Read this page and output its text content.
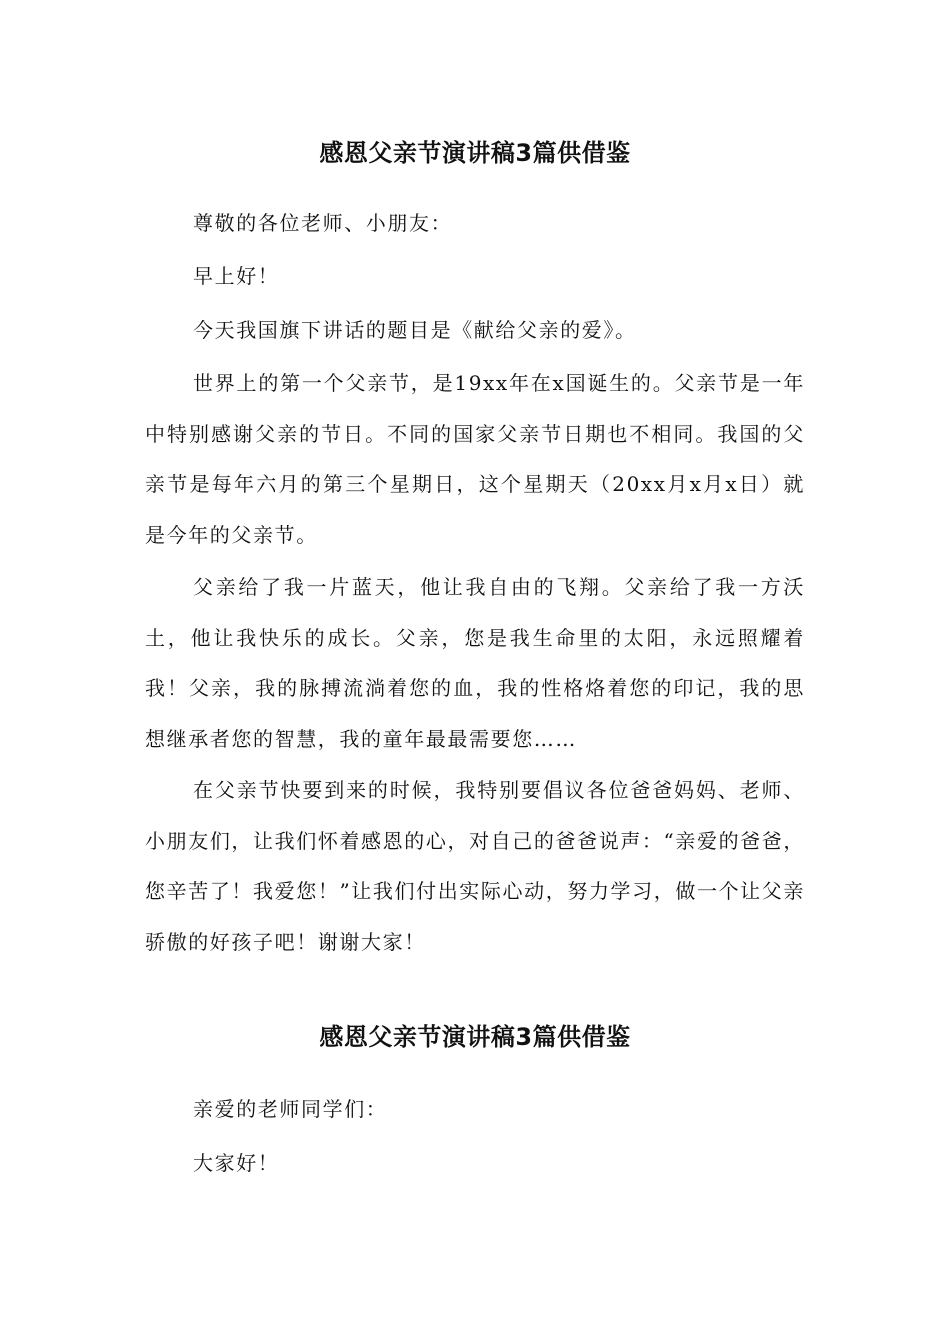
感恩父亲节演讲稿3篇供借鉴

尊敬的各位老师、小朋友：

早上好！

今天我国旗下讲话的题目是《献给父亲的爱》。

世界上的第一个父亲节，是19xx年在x国诞生的。父亲节是一年中特别感谢父亲的节日。不同的国家父亲节日期也不相同。我国的父亲节是每年六月的第三个星期日，这个星期天（20xx月x月x日）就是今年的父亲节。

父亲给了我一片蓝天，他让我自由的飞翔。父亲给了我一方沃土，他让我快乐的成长。父亲，您是我生命里的太阳，永远照耀着我！父亲，我的脉搏流淌着您的血，我的性格烙着您的印记，我的思想继承者您的智慧，我的童年最最需要您……

在父亲节快要到来的时候，我特别要倡议各位爸爸妈妈、老师、小朋友们，让我们怀着感恩的心，对自己的爸爸说声：“亲爱的爸爸，您辛苦了！我爱您！”让我们付出实际心动，努力学习，做一个让父亲骄傲的好孩子吧！谢谢大家！

感恩父亲节演讲稿3篇供借鉴

亲爱的老师同学们：

大家好！
